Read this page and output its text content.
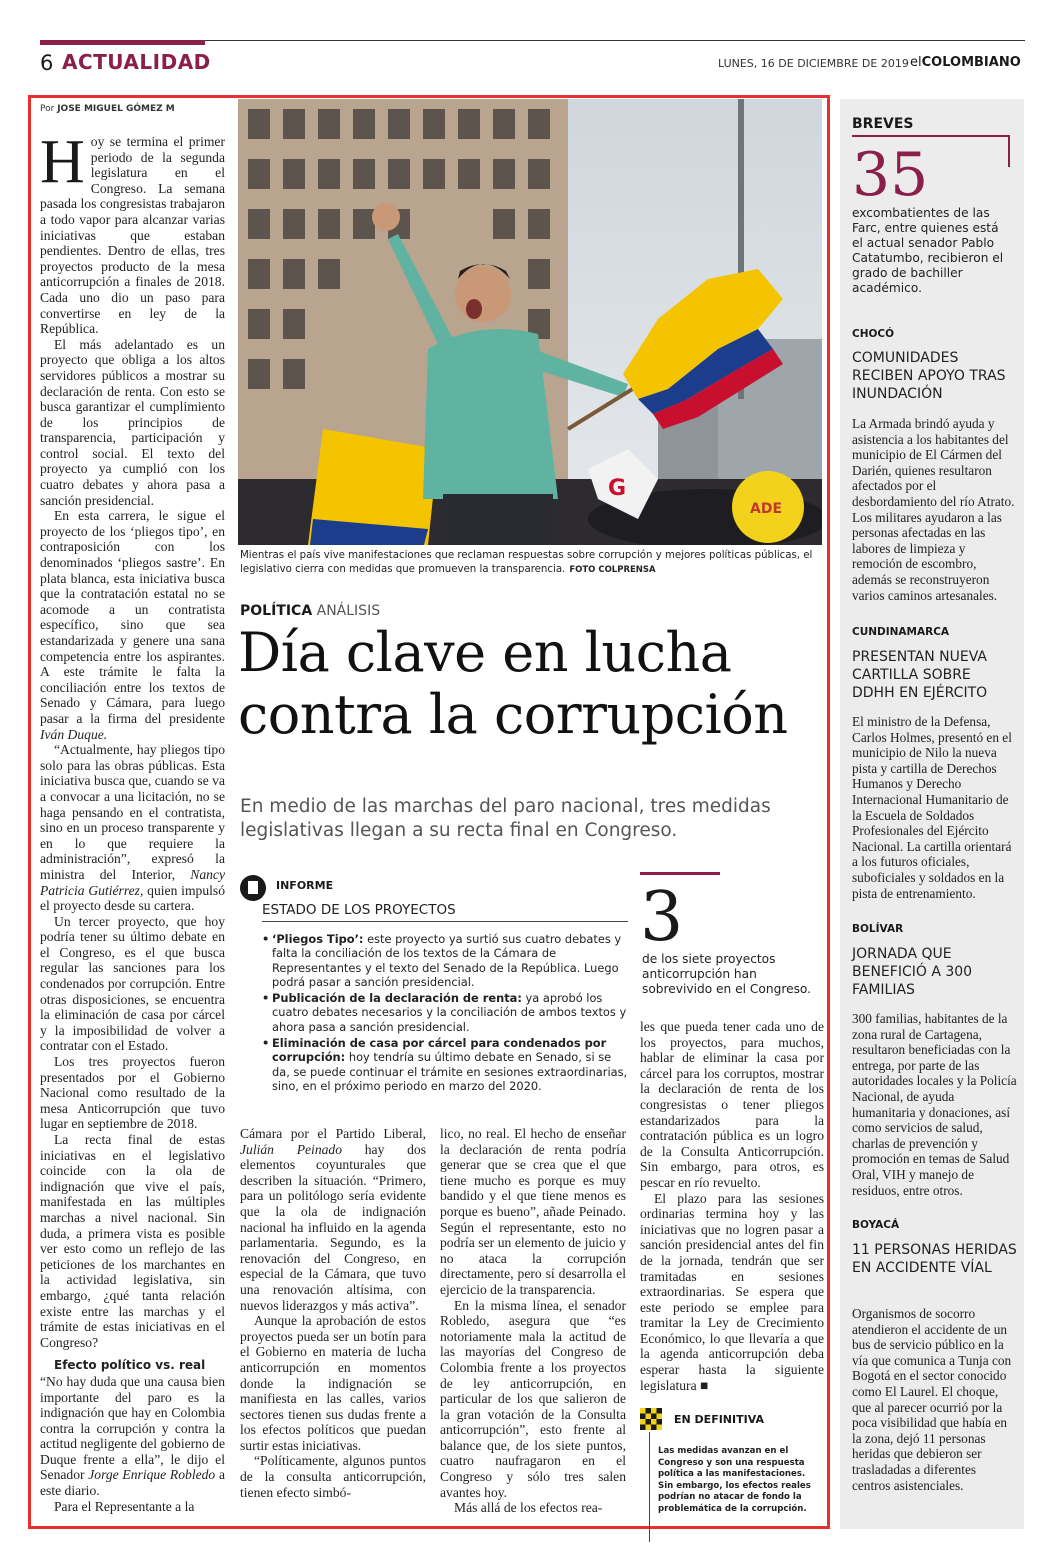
6 ACTUALIDAD	LUNES, 16 DE DICIEMBRE DE 2019 elCOLOMBIANO
Por JOSE MIGUEL GÓMEZ M

Hoy se termina el primer periodo de la segunda legislatura en el Congreso. La semana pasada los congresistas trabajaron a todo vapor para alcanzar varias iniciativas que estaban pendientes. Dentro de ellas, tres proyectos producto de la mesa anticorrupción a finales de 2018. Cada uno dio un paso para convertirse en ley de la República.

El más adelantado es un proyecto que obliga a los altos servidores públicos a mostrar su declaración de renta. Con esto se busca garantizar el cumplimiento de los principios de transparencia, participación y control social. El texto del proyecto ya cumplió con los cuatro debates y ahora pasa a sanción presidencial.

En esta carrera, le sigue el proyecto de los ‘pliegos tipo’, en contraposición con los denominados ‘pliegos sastre’. En plata blanca, esta iniciativa busca que la contratación estatal no se acomode a un contratista específico, sino que sea estandarizada y genere una sana competencia entre los aspirantes. A este trámite le falta la conciliación entre los textos de Senado y Cámara, para luego pasar a la firma del presidente Iván Duque.

“Actualmente, hay pliegos tipo solo para las obras públicas. Esta iniciativa busca que, cuando se va a convocar a una licitación, no se haga pensando en el contratista, sino en un proceso transparente y en lo que requiere la administración”, expresó la ministra del Interior, Nancy Patricia Gutiérrez, quien impulsó el proyecto desde su cartera.

Un tercer proyecto, que hoy podría tener su último debate en el Congreso, es el que busca regular las sanciones para los condenados por corrupción. Entre otras disposiciones, se encuentra la eliminación de casa por cárcel y la imposibilidad de volver a contratar con el Estado.

Los tres proyectos fueron presentados por el Gobierno Nacional como resultado de la mesa Anticorrupción que tuvo lugar en septiembre de 2018.

La recta final de estas iniciativas en el legislativo coincide con la ola de indignación que vive el país, manifestada en las múltiples marchas a nivel nacional. Sin duda, a primera vista es posible ver esto como un reflejo de las peticiones de los marchantes en la actividad legislativa, sin embargo, ¿qué tanta relación existe entre las marchas y el trámite de estas iniciativas en el Congreso?

Efecto político vs. real

“No hay duda que una causa bien importante del paro es la indignación que hay en Colombia contra la corrupción y contra la actitud negligente del gobierno de Duque frente a ella”, le dijo el Senador Jorge Enrique Robledo a este diario.

Para el Representante a la

ADE
G
Mientras el país vive manifestaciones que reclaman respuestas sobre corrupción y mejores políticas públicas, el legislativo cierra con medidas que promueven la transparencia. FOTO COLPRENSA
POLÍTICA ANÁLISIS
Día clave en lucha
contra la corrupción
En medio de las marchas del paro nacional, tres medidas legislativas llegan a su recta final en Congreso.
INFORME
ESTADO DE LOS PROYECTOS
• ‘Pliegos Tipo’: este proyecto ya surtió sus cuatro debates y falta la conciliación de los textos de la Cámara de Representantes y el texto del Senado de la República. Luego podrá pasar a sanción presidencial.
• Publicación de la declaración de renta: ya aprobó los cuatro debates necesarios y la conciliación de ambos textos y ahora pasa a sanción presidencial.
• Eliminación de casa por cárcel para condenados por corrupción: hoy tendría su último debate en Senado, si se da, se puede continuar el trámite en sesiones extraordinarias, sino, en el próximo periodo en marzo del 2020.
3
de los siete proyectos anticorrupción han sobrevivido en el Congreso.

Cámara por el Partido Liberal, Julián Peinado hay dos elementos coyunturales que describen la situación. “Primero, para un politólogo sería evidente que la ola de indignación nacional ha influido en la agenda parlamentaria. Segundo, es la renovación del Congreso, en especial de la Cámara, que tuvo una renovación altísima, con nuevos liderazgos y más activa”.

Aunque la aprobación de estos proyectos pueda ser un botín para el Gobierno en materia de lucha anticorrupción en momentos donde la indignación se manifiesta en las calles, varios sectores tienen sus dudas frente a los efectos políticos que puedan surtir estas iniciativas.

“Políticamente, algunos puntos de la consulta anticorrupción, tienen efecto simbó-

lico, no real. El hecho de enseñar la declaración de renta podría generar que se crea que el que tiene mucho es porque es muy bandido y el que tiene menos es porque es bueno”, añade Peinado. Según el representante, esto no podría ser un elemento de juicio y no ataca la corrupción directamente, pero sí desarrolla el ejercicio de la transparencia.

En la misma línea, el senador Robledo, asegura que “es notoriamente mala la actitud de las mayorías del Congreso de Colombia frente a los proyectos de ley anticorrupción, en particular de los que salieron de la gran votación de la Consulta anticorrupción”, esto frente al balance que, de los siete puntos, cuatro naufragaron en el Congreso y sólo tres salen avantes hoy.

Más allá de los efectos rea-

les que pueda tener cada uno de los proyectos, para muchos, hablar de eliminar la casa por cárcel para los corruptos, mostrar la declaración de renta de los congresistas o tener pliegos estandarizados para la contratación pública es un logro de la Consulta Anticorrupción. Sin embargo, para otros, es pescar en río revuelto.

El plazo para las sesiones ordinarias termina hoy y las iniciativas que no logren pasar a sanción presidencial antes del fin de la jornada, tendrán que ser tramitadas en sesiones extraordinarias. Se espera que este periodo se emplee para tramitar la Ley de Crecimiento Económico, lo que llevaría a que la agenda anticorrupción deba esperar hasta la siguiente legislatura ■

EN DEFINITIVA
Las medidas avanzan en el Congreso y son una respuesta política a las manifestaciones. Sin embargo, los efectos reales podrían no atacar de fondo la problemática de la corrupción.
BREVES
35
excombatientes de las Farc, entre quienes está el actual senador Pablo Catatumbo, recibieron el grado de bachiller académico.
CHOCÓ
COMUNIDADES RECIBEN APOYO TRAS INUNDACIÓN
La Armada brindó ayuda y asistencia a los habitantes del municipio de El Cármen del Darién, quienes resultaron afectados por el desbordamiento del río Atrato. Los militares ayudaron a las personas afectadas en las labores de limpieza y remoción de escombro, además se reconstruyeron varios caminos artesanales.
CUNDINAMARCA
PRESENTAN NUEVA CARTILLA SOBRE DDHH EN EJÉRCITO
El ministro de la Defensa, Carlos Holmes, presentó en el municipio de Nilo la nueva pista y cartilla de Derechos Humanos y Derecho Internacional Humanitario de la Escuela de Soldados Profesionales del Ejército Nacional. La cartilla orientará a los futuros oficiales, suboficiales y soldados en la pista de entrenamiento.
BOLÍVAR
JORNADA QUE BENEFICIÓ A 300 FAMILIAS
300 familias, habitantes de la zona rural de Cartagena, resultaron beneficiadas con la entrega, por parte de las autoridades locales y la Policía Nacional, de ayuda humanitaria y donaciones, así como servicios de salud, charlas de prevención y promoción en temas de Salud Oral, VIH y manejo de residuos, entre otros.
BOYACÁ
11 PERSONAS HERIDAS EN ACCIDENTE VÍAL
Organismos de socorro atendieron el accidente de un bus de servicio público en la vía que comunica a Tunja con Bogotá en el sector conocido como El Laurel. El choque, que al parecer ocurrió por la poca visibilidad que había en la zona, dejó 11 personas heridas que debieron ser trasladadas a diferentes centros asistenciales.
